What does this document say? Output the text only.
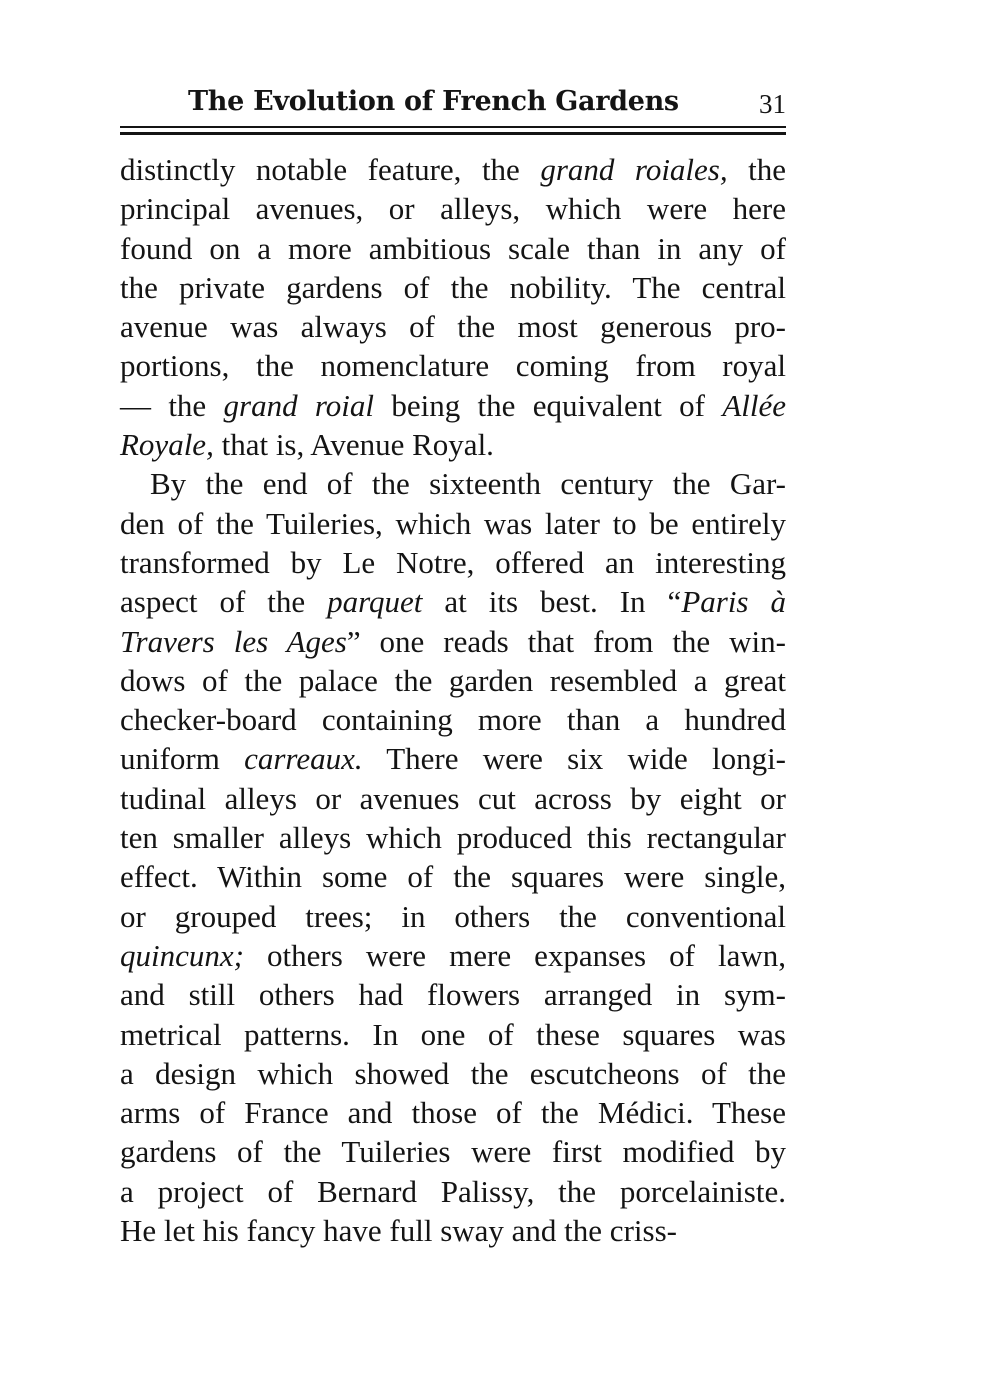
The Evolution of French Gardens	31
distinctly notable feature, the grand roiales, the
principal avenues, or alleys, which were here
found on a more ambitious scale than in any of
the private gardens of the nobility. The central
avenue was always of the most generous pro-
portions, the nomenclature coming from royal
— the grand roial being the equivalent of Allée
Royale, that is, Avenue Royal.
By the end of the sixteenth century the Gar-
den of the Tuileries, which was later to be entirely
transformed by Le Notre, offered an interesting
aspect of the parquet at its best. In “Paris à
Travers les Ages” one reads that from the win-
dows of the palace the garden resembled a great
checker-board containing more than a hundred
uniform carreaux. There were six wide longi-
tudinal alleys or avenues cut across by eight or
ten smaller alleys which produced this rectangular
effect. Within some of the squares were single,
or grouped trees; in others the conventional
quincunx; others were mere expanses of lawn,
and still others had flowers arranged in sym-
metrical patterns. In one of these squares was
a design which showed the escutcheons of the
arms of France and those of the Médici. These
gardens of the Tuileries were first modified by
a project of Bernard Palissy, the porcelainiste.
He let his fancy have full sway and the criss-
